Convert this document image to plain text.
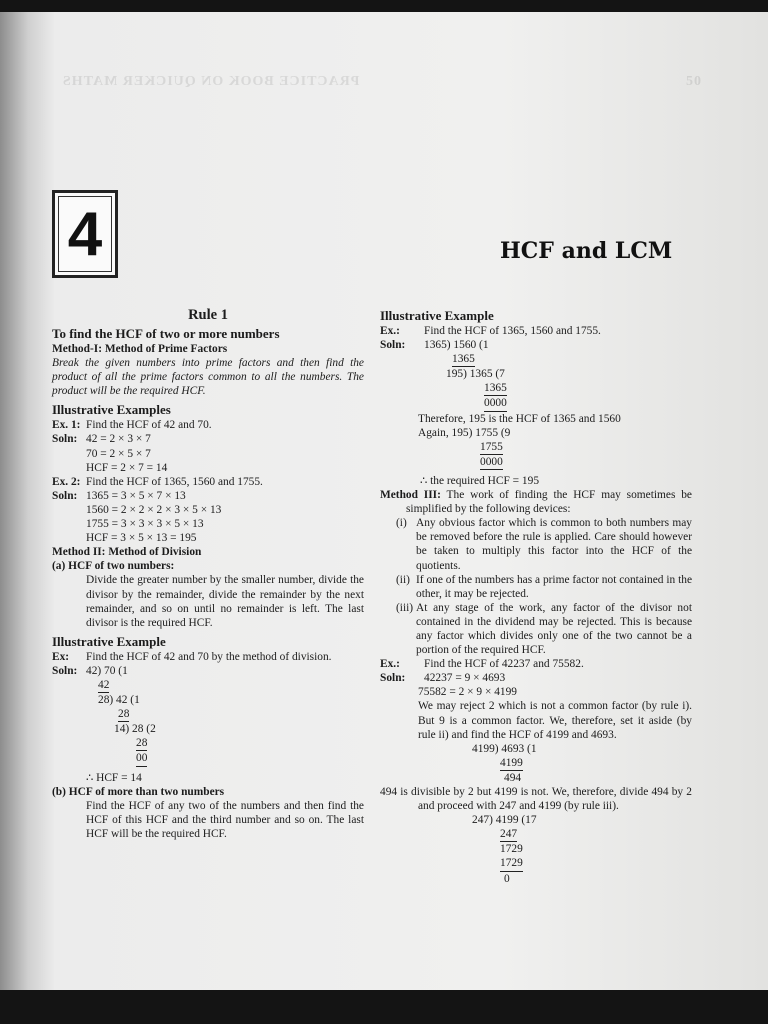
PRACTICE BOOK ON QUICKER MATHS	50
4	HCF and LCM
Rule 1
To find the HCF of two or more numbers
Method-I: Method of Prime Factors
Break the given numbers into prime factors and then find the product of all the prime factors common to all the numbers. The product will be the required HCF.
Illustrative Examples
Ex. 1: Find the HCF of 42 and 70.
Soln: 42 = 2 × 3 × 7
70 = 2 × 5 × 7
HCF = 2 × 7 = 14
Ex. 2: Find the HCF of 1365, 1560 and 1755.
Soln: 1365 = 3 × 5 × 7 × 13
1560 = 2 × 2 × 2 × 3 × 5 × 13
1755 = 3 × 3 × 3 × 5 × 13
HCF = 3 × 5 × 13 = 195
Method II: Method of Division
(a) HCF of two numbers:
Divide the greater number by the smaller number, divide the divisor by the remainder, divide the remainder by the next remainder, and so on until no remainder is left. The last divisor is the required HCF.
Illustrative Example
Ex:	Find the HCF of 42 and 70 by the method of division.
Soln: 42) 70 (1
42
28) 42 (1
28
14) 28 (2
28
00
∴ HCF = 14
(b) HCF of more than two numbers
Find the HCF of any two of the numbers and then find the HCF of this HCF and the third number and so on. The last HCF will be the required HCF.
Illustrative Example
Ex.:	Find the HCF of 1365, 1560 and 1755.
Soln:	1365) 1560 (1
1365
195) 1365 (7
1365
0000
Therefore, 195 is the HCF of 1365 and 1560
Again, 195) 1755 (9
1755
0000
∴ the required HCF = 195
Method III: The work of finding the HCF may sometimes be simplified by the following devices:
(i) Any obvious factor which is common to both numbers may be removed before the rule is applied. Care should however be taken to multiply this factor into the HCF of the quotients.
(ii) If one of the numbers has a prime factor not contained in the other, it may be rejected.
(iii) At any stage of the work, any factor of the divisor not contained in the dividend may be rejected. This is because any factor which divides only one of the two cannot be a portion of the required HCF.
Ex.:	Find the HCF of 42237 and 75582.
Soln:	42237 = 9 × 4693
75582 = 2 × 9 × 4199
We may reject 2 which is not a common factor (by rule i). But 9 is a common factor. We, therefore, set it aside (by rule ii) and find the HCF of 4199 and 4693.
4199) 4693 (1
4199
494
494 is divisible by 2 but 4199 is not. We, therefore, divide 494 by 2 and proceed with 247 and 4199 (by rule iii).
247) 4199 (17
247
1729
1729
0
